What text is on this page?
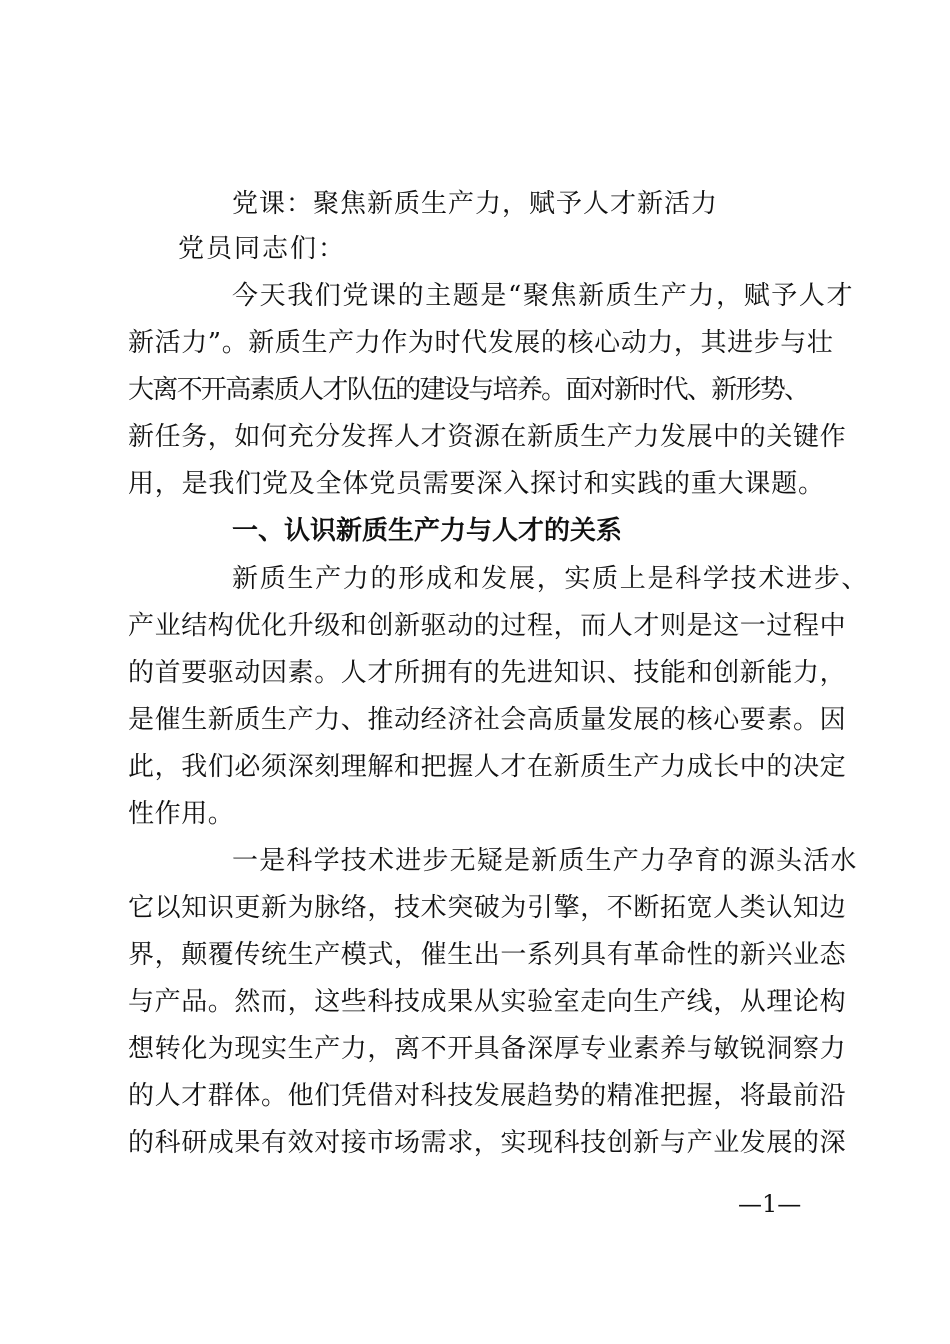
党课：聚焦新质生产力，赋予人才新活力
党员同志们：
今天我们党课的主题是“聚焦新质生产力，赋予人才
新活力”。新质生产力作为时代发展的核心动力，其进步与壮
大离不开高素质人才队伍的建设与培养。面对新时代、新形势、
新任务，如何充分发挥人才资源在新质生产力发展中的关键作
用，是我们党及全体党员需要深入探讨和实践的重大课题。
一、认识新质生产力与人才的关系
新质生产力的形成和发展，实质上是科学技术进步、
产业结构优化升级和创新驱动的过程，而人才则是这一过程中
的首要驱动因素。人才所拥有的先进知识、技能和创新能力，
是催生新质生产力、推动经济社会高质量发展的核心要素。因
此，我们必须深刻理解和把握人才在新质生产力成长中的决定
性作用。
一是科学技术进步无疑是新质生产力孕育的源头活水
它以知识更新为脉络，技术突破为引擎，不断拓宽人类认知边
界，颠覆传统生产模式，催生出一系列具有革命性的新兴业态
与产品。然而，这些科技成果从实验室走向生产线，从理论构
想转化为现实生产力，离不开具备深厚专业素养与敏锐洞察力
的人才群体。他们凭借对科技发展趋势的精准把握，将最前沿
的科研成果有效对接市场需求，实现科技创新与产业发展的深
—1—
